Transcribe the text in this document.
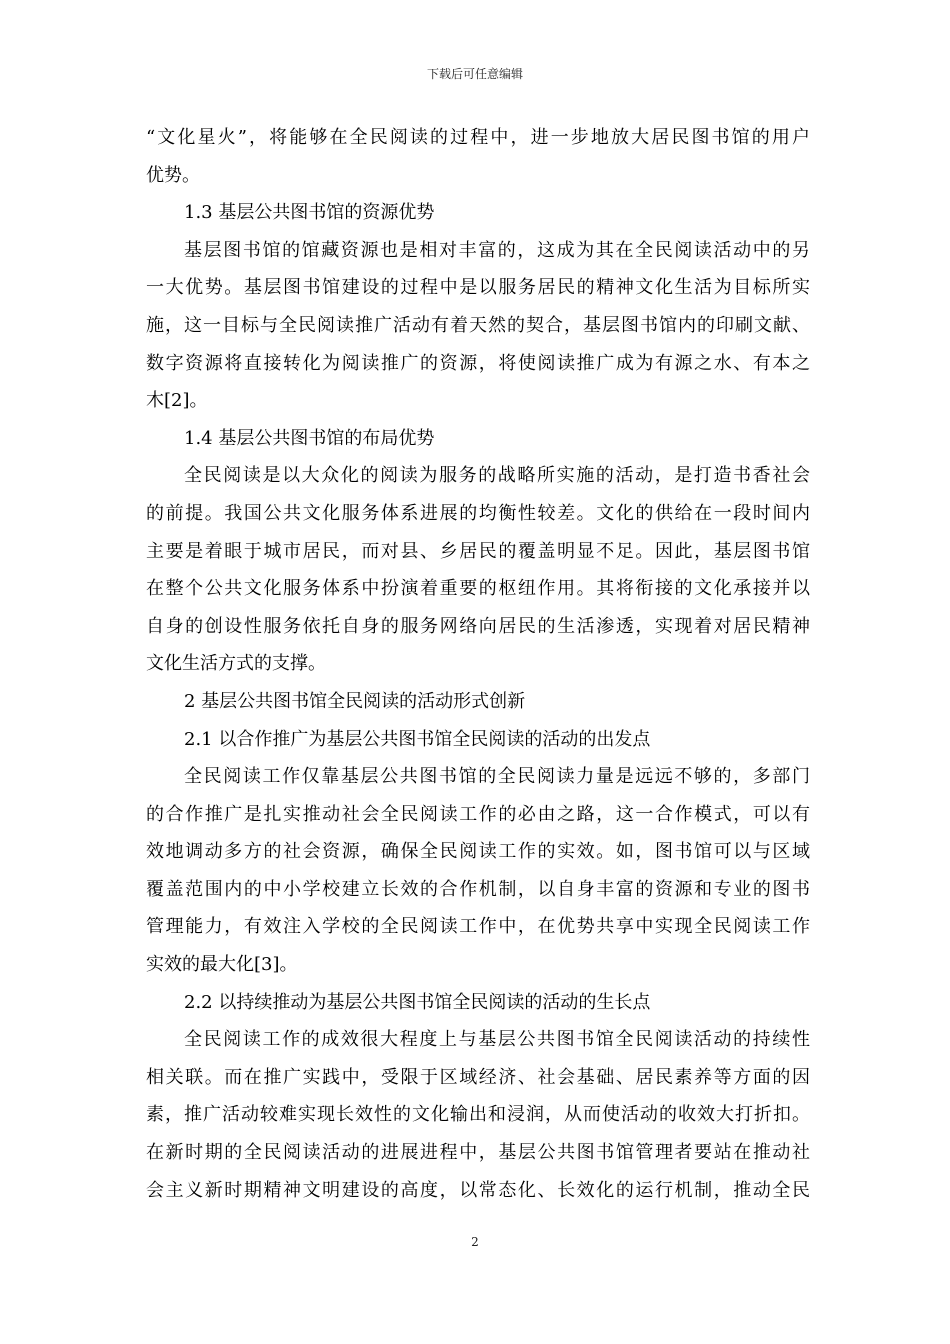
下载后可任意编辑
“文化星火”，将能够在全民阅读的过程中，进一步地放大居民图书馆的用户
优势。
1.3 基层公共图书馆的资源优势
基层图书馆的馆藏资源也是相对丰富的，这成为其在全民阅读活动中的另
一大优势。基层图书馆建设的过程中是以服务居民的精神文化生活为目标所实
施，这一目标与全民阅读推广活动有着天然的契合，基层图书馆内的印刷文献、
数字资源将直接转化为阅读推广的资源，将使阅读推广成为有源之水、有本之
木[2]。
1.4 基层公共图书馆的布局优势
全民阅读是以大众化的阅读为服务的战略所实施的活动，是打造书香社会
的前提。我国公共文化服务体系进展的均衡性较差。文化的供给在一段时间内
主要是着眼于城市居民，而对县、乡居民的覆盖明显不足。因此，基层图书馆
在整个公共文化服务体系中扮演着重要的枢纽作用。其将衔接的文化承接并以
自身的创设性服务依托自身的服务网络向居民的生活渗透，实现着对居民精神
文化生活方式的支撑。
2 基层公共图书馆全民阅读的活动形式创新
2.1 以合作推广为基层公共图书馆全民阅读的活动的出发点
全民阅读工作仅靠基层公共图书馆的全民阅读力量是远远不够的，多部门
的合作推广是扎实推动社会全民阅读工作的必由之路，这一合作模式，可以有
效地调动多方的社会资源，确保全民阅读工作的实效。如，图书馆可以与区域
覆盖范围内的中小学校建立长效的合作机制，以自身丰富的资源和专业的图书
管理能力，有效注入学校的全民阅读工作中，在优势共享中实现全民阅读工作
实效的最大化[3]。
2.2 以持续推动为基层公共图书馆全民阅读的活动的生长点
全民阅读工作的成效很大程度上与基层公共图书馆全民阅读活动的持续性
相关联。而在推广实践中，受限于区域经济、社会基础、居民素养等方面的因
素，推广活动较难实现长效性的文化输出和浸润，从而使活动的收效大打折扣。
在新时期的全民阅读活动的进展进程中，基层公共图书馆管理者要站在推动社
会主义新时期精神文明建设的高度，以常态化、长效化的运行机制，推动全民
2
